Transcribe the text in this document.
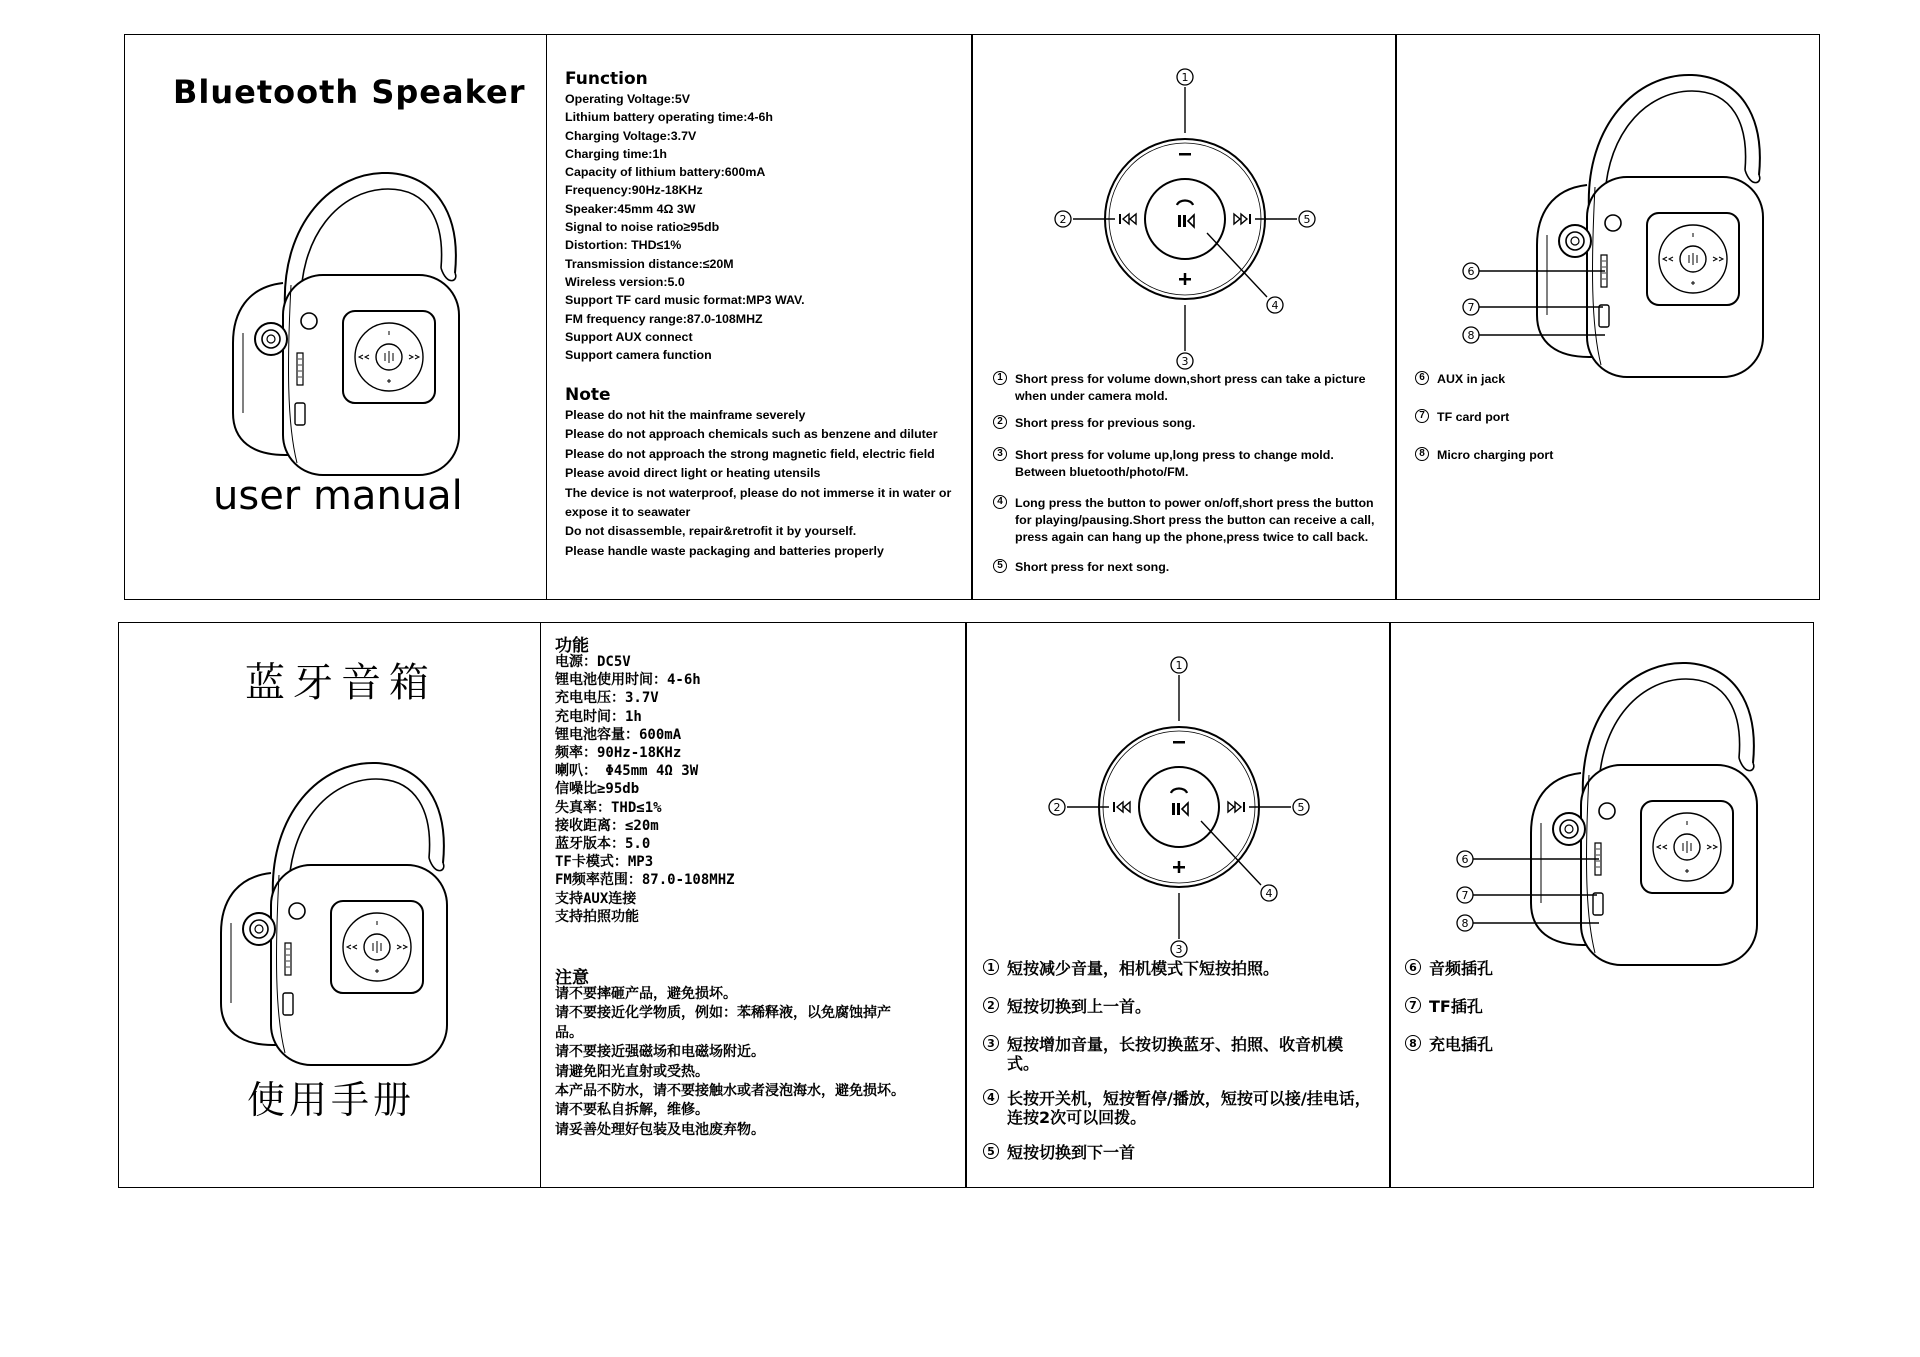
Bluetooth Speaker
user manual
Function
Operating Voltage:5V
Lithium battery operating time:4-6h
Charging Voltage:3.7V
Charging time:1h
Capacity of lithium battery:600mA
Frequency:90Hz-18KHz
Speaker:45mm 4Ω 3W
Signal to noise ratio≥95db
Distortion: THD≤1%
Transmission distance:≤20M
Wireless version:5.0
Support TF card music format:MP3 WAV.
FM frequency range:87.0-108MHZ
Support AUX connect
Support camera function
Note
Please do not hit the mainframe severely
Please do not approach chemicals such as benzene and diluter
Please do not approach the strong magnetic field, electric field
Please avoid direct light or heating utensils
The device is not waterproof, please do not immerse it in water or expose it to seawater
Do not disassemble, repair&retrofit it by yourself.
Please handle waste packaging and batteries properly
1
2
3
4
5
1 Short press for volume down,short press can take a picture when under camera mold.
2 Short press for previous song.
3 Short press for volume up,long press to change mold. Between bluetooth/photo/FM.
4 Long press the button to power on/off,short press the button for playing/pausing.Short press the button can receive a call, press again can hang up the phone,press twice to call back.
5 Short press for next song.
6
7
8
6 AUX in jack
7 TF card port
8 Micro charging port
蓝牙音箱
使用手册
功能
电源：DC5V
锂电池使用时间：4-6h
充电电压：3.7V
充电时间：1h
锂电池容量：600mA
频率：90Hz-18KHz
喇叭： Φ45mm 4Ω 3W
信噪比≥95db
失真率：THD≤1%
接收距离：≤20m
蓝牙版本：5.0
TF卡模式：MP3
FM频率范围：87.0-108MHZ
支持AUX连接
支持拍照功能
注意
请不要摔砸产品，避免损坏。
请不要接近化学物质，例如：苯稀释液，以免腐蚀掉产品。
请不要接近强磁场和电磁场附近。
请避免阳光直射或受热。
本产品不防水，请不要接触水或者浸泡海水，避免损坏。
请不要私自拆解，维修。
请妥善处理好包装及电池废弃物。
1
2
3
4
5
1 短按减少音量，相机模式下短按拍照。
2 短按切换到上一首。
3 短按增加音量，长按切换蓝牙、拍照、收音机模式。
4 长按开关机，短按暂停/播放，短按可以接/挂电话，连按2次可以回拨。
5 短按切换到下一首
6
7
8
6 音频插孔
7 TF插孔
8 充电插孔
